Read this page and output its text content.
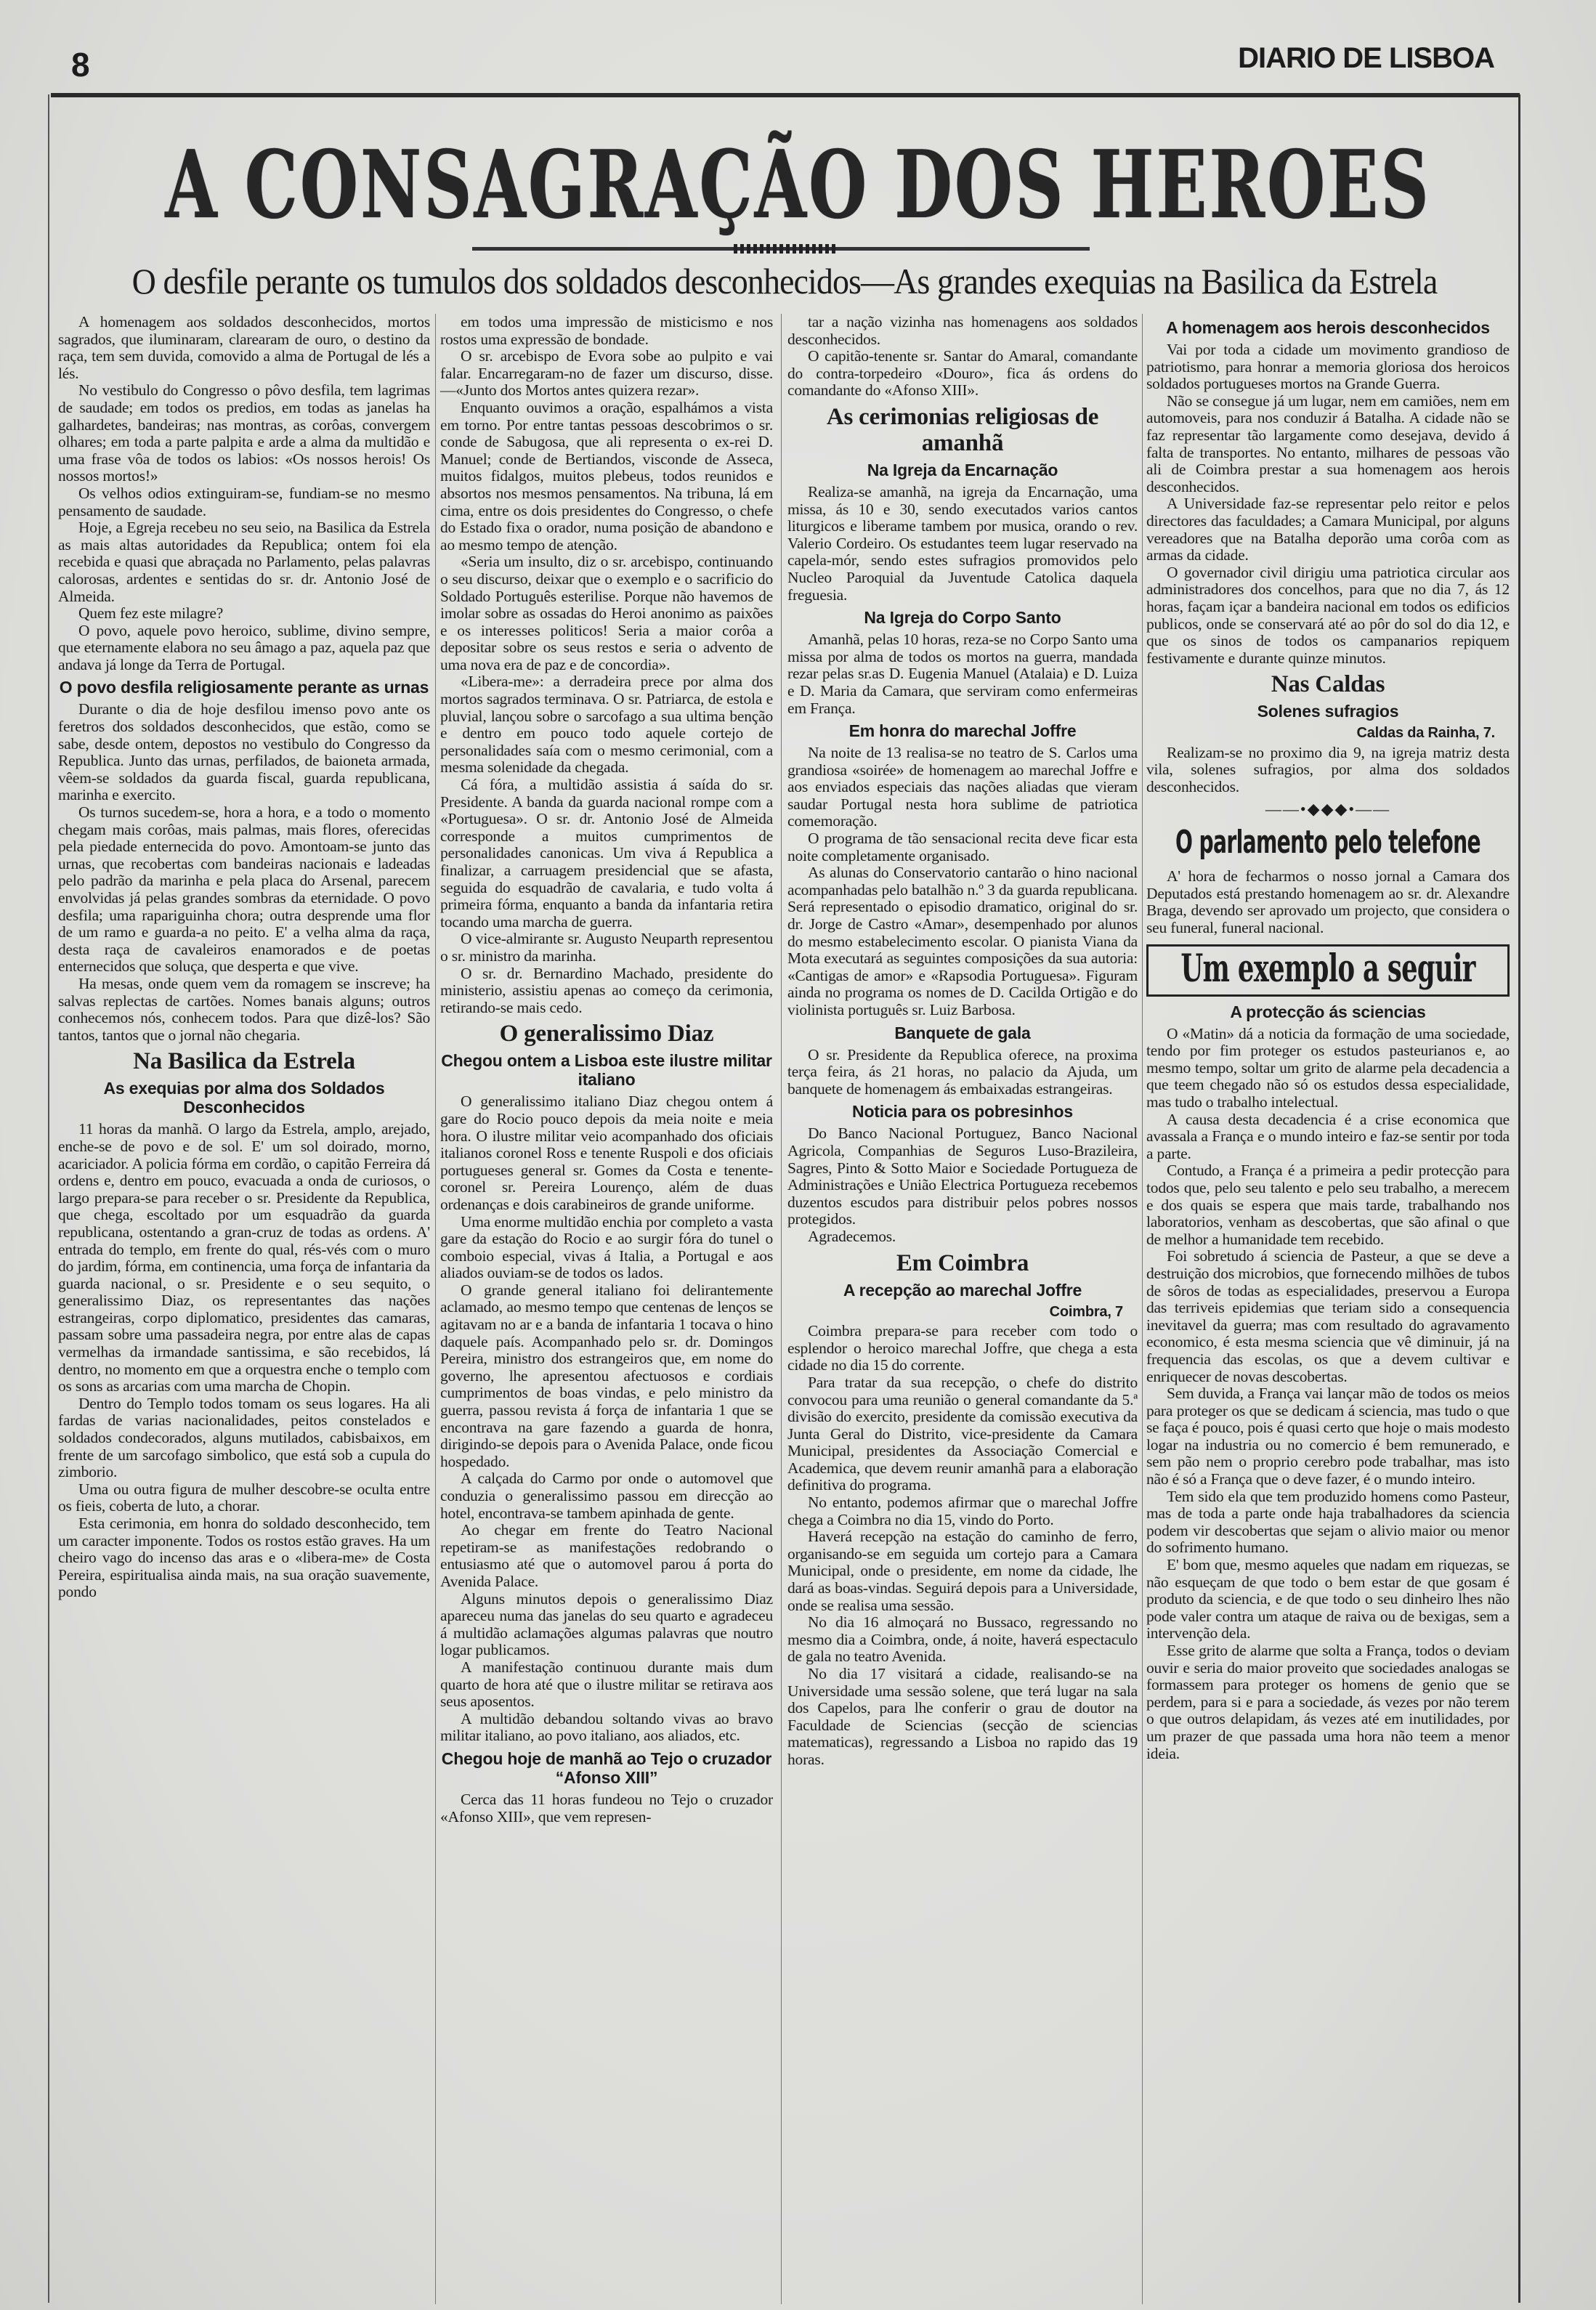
8	DIARIO DE LISBOA
A CONSAGRAÇÃO DOS HEROES
O desfile perante os tumulos dos soldados desconhecidos—As grandes exequias na Basilica da Estrela

A homenagem aos soldados desconhecidos, mortos sagrados, que iluminaram, clarearam de ouro, o destino da raça, tem sem duvida, comovido a alma de Portugal de lés a lés.

No vestibulo do Congresso o pôvo desfila, tem lagrimas de saudade; em todos os predios, em todas as janelas ha galhardetes, bandeiras; nas montras, as corôas, convergem olhares; em toda a parte palpita e arde a alma da multidão e uma frase vôa de todos os labios: «Os nossos herois! Os nossos mortos!»

Os velhos odios extinguiram-se, fundiam-se no mesmo pensamento de saudade.

Hoje, a Egreja recebeu no seu seio, na Basilica da Estrela as mais altas autoridades da Republica; ontem foi ela recebida e quasi que abraçada no Parlamento, pelas palavras calorosas, ardentes e sentidas do sr. dr. Antonio José de Almeida.

Quem fez este milagre?

O povo, aquele povo heroico, sublime, divino sempre, que eternamente elabora no seu âmago a paz, aquela paz que andava já longe da Terra de Portugal.

O povo desfila religiosamente perante as urnas

Durante o dia de hoje desfilou imenso povo ante os feretros dos soldados desconhecidos, que estão, como se sabe, desde ontem, depostos no vestibulo do Congresso da Republica. Junto das urnas, perfilados, de baioneta armada, vêem-se soldados da guarda fiscal, guarda republicana, marinha e exercito.

Os turnos sucedem-se, hora a hora, e a todo o momento chegam mais corôas, mais palmas, mais flores, oferecidas pela piedade enternecida do povo. Amontoam-se junto das urnas, que recobertas com bandeiras nacionais e ladeadas pelo padrão da marinha e pela placa do Arsenal, parecem envolvidas já pelas grandes sombras da eternidade. O povo desfila; uma rapariguinha chora; outra desprende uma flor de um ramo e guarda-a no peito. E' a velha alma da raça, desta raça de cavaleiros enamorados e de poetas enternecidos que soluça, que desperta e que vive.

Ha mesas, onde quem vem da romagem se inscreve; ha salvas replectas de cartões. Nomes banais alguns; outros conhecemos nós, conhecem todos. Para que dizê-los? São tantos, tantos que o jornal não chegaria.

Na Basilica da Estrela
As exequias por alma dos Soldados Desconhecidos

11 horas da manhã. O largo da Estrela, amplo, arejado, enche-se de povo e de sol. E' um sol doirado, morno, acariciador. A policia fórma em cordão, o capitão Ferreira dá ordens e, dentro em pouco, evacuada a onda de curiosos, o largo prepara-se para receber o sr. Presidente da Republica, que chega, escoltado por um esquadrão da guarda republicana, ostentando a gran-cruz de todas as ordens. A' entrada do templo, em frente do qual, rés-vés com o muro do jardim, fórma, em continencia, uma força de infantaria da guarda nacional, o sr. Presidente e o seu sequito, o generalissimo Diaz, os representantes das nações estrangeiras, corpo diplomatico, presidentes das camaras, passam sobre uma passadeira negra, por entre alas de capas vermelhas da irmandade santissima, e são recebidos, lá dentro, no momento em que a orquestra enche o templo com os sons as arcarias com uma marcha de Chopin.

Dentro do Templo todos tomam os seus logares. Ha ali fardas de varias nacionalidades, peitos constelados e soldados condecorados, alguns mutilados, cabisbaixos, em frente de um sarcofago simbolico, que está sob a cupula do zimborio.

Uma ou outra figura de mulher descobre-se oculta entre os fieis, coberta de luto, a chorar.

Esta cerimonia, em honra do soldado desconhecido, tem um caracter imponente. Todos os rostos estão graves. Ha um cheiro vago do incenso das aras e o «libera-me» de Costa Pereira, espiritualisa ainda mais, na sua oração suavemente, pondo

em todos uma impressão de misticismo e nos rostos uma expressão de bondade.

O sr. arcebispo de Evora sobe ao pulpito e vai falar. Encarregaram-no de fazer um discurso, disse.—«Junto dos Mortos antes quizera rezar».

Enquanto ouvimos a oração, espalhámos a vista em torno. Por entre tantas pessoas descobrimos o sr. conde de Sabugosa, que ali representa o ex-rei D. Manuel; conde de Bertiandos, visconde de Asseca, muitos fidalgos, muitos plebeus, todos reunidos e absortos nos mesmos pensamentos. Na tribuna, lá em cima, entre os dois presidentes do Congresso, o chefe do Estado fixa o orador, numa posição de abandono e ao mesmo tempo de atenção.

«Seria um insulto, diz o sr. arcebispo, continuando o seu discurso, deixar que o exemplo e o sacrificio do Soldado Português esterilise. Porque não havemos de imolar sobre as ossadas do Heroi anonimo as paixões e os interesses politicos! Seria a maior corôa a depositar sobre os seus restos e seria o advento de uma nova era de paz e de concordia».

«Libera-me»: a derradeira prece por alma dos mortos sagrados terminava. O sr. Patriarca, de estola e pluvial, lançou sobre o sarcofago a sua ultima benção e dentro em pouco todo aquele cortejo de personalidades saía com o mesmo cerimonial, com a mesma solenidade da chegada.

Cá fóra, a multidão assistia á saída do sr. Presidente. A banda da guarda nacional rompe com a «Portuguesa». O sr. dr. Antonio José de Almeida corresponde a muitos cumprimentos de personalidades canonicas. Um viva á Republica a finalizar, a carruagem presidencial que se afasta, seguida do esquadrão de cavalaria, e tudo volta á primeira fórma, enquanto a banda da infantaria retira tocando uma marcha de guerra.

O vice-almirante sr. Augusto Neuparth representou o sr. ministro da marinha.

O sr. dr. Bernardino Machado, presidente do ministerio, assistiu apenas ao começo da cerimonia, retirando-se mais cedo.

O generalissimo Diaz
Chegou ontem a Lisboa este ilustre militar italiano

O generalissimo italiano Diaz chegou ontem á gare do Rocio pouco depois da meia noite e meia hora. O ilustre militar veio acompanhado dos oficiais italianos coronel Ross e tenente Ruspoli e dos oficiais portugueses general sr. Gomes da Costa e tenente-coronel sr. Pereira Lourenço, além de duas ordenanças e dois carabineiros de grande uniforme.

Uma enorme multidão enchia por completo a vasta gare da estação do Rocio e ao surgir fóra do tunel o comboio especial, vivas á Italia, a Portugal e aos aliados ouviam-se de todos os lados.

O grande general italiano foi delirantemente aclamado, ao mesmo tempo que centenas de lenços se agitavam no ar e a banda de infantaria 1 tocava o hino daquele país. Acompanhado pelo sr. dr. Domingos Pereira, ministro dos estrangeiros que, em nome do governo, lhe apresentou afectuosos e cordiais cumprimentos de boas vindas, e pelo ministro da guerra, passou revista á força de infantaria 1 que se encontrava na gare fazendo a guarda de honra, dirigindo-se depois para o Avenida Palace, onde ficou hospedado.

A calçada do Carmo por onde o automovel que conduzia o generalissimo passou em direcção ao hotel, encontrava-se tambem apinhada de gente.

Ao chegar em frente do Teatro Nacional repetiram-se as manifestações redobrando o entusiasmo até que o automovel parou á porta do Avenida Palace.

Alguns minutos depois o generalissimo Diaz apareceu numa das janelas do seu quarto e agradeceu á multidão aclamações algumas palavras que noutro logar publicamos.

A manifestação continuou durante mais dum quarto de hora até que o ilustre militar se retirava aos seus aposentos.

A multidão debandou soltando vivas ao bravo militar italiano, ao povo italiano, aos aliados, etc.

Chegou hoje de manhã ao Tejo o cruzador “Afonso XIII”

Cerca das 11 horas fundeou no Tejo o cruzador «Afonso XIII», que vem represen-

tar a nação vizinha nas homenagens aos soldados desconhecidos.

O capitão-tenente sr. Santar do Amaral, comandante do contra-torpedeiro «Douro», fica ás ordens do comandante do «Afonso XIII».

As cerimonias religiosas de amanhã
Na Igreja da Encarnação

Realiza-se amanhã, na igreja da Encarnação, uma missa, ás 10 e 30, sendo executados varios cantos liturgicos e liberame tambem por musica, orando o rev. Valerio Cordeiro. Os estudantes teem lugar reservado na capela-mór, sendo estes sufragios promovidos pelo Nucleo Paroquial da Juventude Catolica daquela freguesia.

Na Igreja do Corpo Santo

Amanhã, pelas 10 horas, reza-se no Corpo Santo uma missa por alma de todos os mortos na guerra, mandada rezar pelas sr.as D. Eugenia Manuel (Atalaia) e D. Luiza e D. Maria da Camara, que serviram como enfermeiras em França.

Em honra do marechal Joffre

Na noite de 13 realisa-se no teatro de S. Carlos uma grandiosa «soirée» de homenagem ao marechal Joffre e aos enviados especiais das nações aliadas que vieram saudar Portugal nesta hora sublime de patriotica comemoração.

O programa de tão sensacional recita deve ficar esta noite completamente organisado.

As alunas do Conservatorio cantarão o hino nacional acompanhadas pelo batalhão n.º 3 da guarda republicana. Será representado o episodio dramatico, original do sr. dr. Jorge de Castro «Amar», desempenhado por alunos do mesmo estabelecimento escolar. O pianista Viana da Mota executará as seguintes composições da sua autoria: «Cantigas de amor» e «Rapsodia Portuguesa». Figuram ainda no programa os nomes de D. Cacilda Ortigão e do violinista português sr. Luiz Barbosa.

Banquete de gala

O sr. Presidente da Republica oferece, na proxima terça feira, ás 21 horas, no palacio da Ajuda, um banquete de homenagem ás embaixadas estrangeiras.

Noticia para os pobresinhos

Do Banco Nacional Portuguez, Banco Nacional Agricola, Companhias de Seguros Luso-Brazileira, Sagres, Pinto & Sotto Maior e Sociedade Portugueza de Administrações e União Electrica Portugueza recebemos duzentos escudos para distribuir pelos pobres nossos protegidos.

Agradecemos.

Em Coimbra
A recepção ao marechal Joffre
Coimbra, 7

Coimbra prepara-se para receber com todo o esplendor o heroico marechal Joffre, que chega a esta cidade no dia 15 do corrente.

Para tratar da sua recepção, o chefe do distrito convocou para uma reunião o general comandante da 5.ª divisão do exercito, presidente da comissão executiva da Junta Geral do Distrito, vice-presidente da Camara Municipal, presidentes da Associação Comercial e Academica, que devem reunir amanhã para a elaboração definitiva do programa.

No entanto, podemos afirmar que o marechal Joffre chega a Coimbra no dia 15, vindo do Porto.

Haverá recepção na estação do caminho de ferro, organisando-se em seguida um cortejo para a Camara Municipal, onde o presidente, em nome da cidade, lhe dará as boas-vindas. Seguirá depois para a Universidade, onde se realisa uma sessão.

No dia 16 almoçará no Bussaco, regressando no mesmo dia a Coimbra, onde, á noite, haverá espectaculo de gala no teatro Avenida.

No dia 17 visitará a cidade, realisando-se na Universidade uma sessão solene, que terá lugar na sala dos Capelos, para lhe conferir o grau de doutor na Faculdade de Sciencias (secção de sciencias matematicas), regressando a Lisboa no rapido das 19 horas.

A homenagem aos herois desconhecidos

Vai por toda a cidade um movimento grandioso de patriotismo, para honrar a memoria gloriosa dos heroicos soldados portugueses mortos na Grande Guerra.

Não se consegue já um lugar, nem em camiões, nem em automoveis, para nos conduzir á Batalha. A cidade não se faz representar tão largamente como desejava, devido á falta de transportes. No entanto, milhares de pessoas vão ali de Coimbra prestar a sua homenagem aos herois desconhecidos.

A Universidade faz-se representar pelo reitor e pelos directores das faculdades; a Camara Municipal, por alguns vereadores que na Batalha deporão uma corôa com as armas da cidade.

O governador civil dirigiu uma patriotica circular aos administradores dos concelhos, para que no dia 7, ás 12 horas, façam içar a bandeira nacional em todos os edificios publicos, onde se conservará até ao pôr do sol do dia 12, e que os sinos de todos os campanarios repiquem festivamente e durante quinze minutos.

Nas Caldas
Solenes sufragios
Caldas da Rainha, 7.

Realizam-se no proximo dia 9, na igreja matriz desta vila, solenes sufragios, por alma dos soldados desconhecidos.

——•◆◆◆•——
O parlamento pelo telefone

A' hora de fecharmos o nosso jornal a Camara dos Deputados está prestando homenagem ao sr. dr. Alexandre Braga, devendo ser aprovado um projecto, que considera o seu funeral, funeral nacional.

Um exemplo a seguir
A protecção ás sciencias

O «Matin» dá a noticia da formação de uma sociedade, tendo por fim proteger os estudos pasteurianos e, ao mesmo tempo, soltar um grito de alarme pela decadencia a que teem chegado não só os estudos dessa especialidade, mas tudo o trabalho intelectual.

A causa desta decadencia é a crise economica que avassala a França e o mundo inteiro e faz-se sentir por toda a parte.

Contudo, a França é a primeira a pedir protecção para todos que, pelo seu talento e pelo seu trabalho, a merecem e dos quais se espera que mais tarde, trabalhando nos laboratorios, venham as descobertas, que são afinal o que de melhor a humanidade tem recebido.

Foi sobretudo á sciencia de Pasteur, a que se deve a destruição dos microbios, que fornecendo milhões de tubos de sôros de todas as especialidades, preservou a Europa das terriveis epidemias que teriam sido a consequencia inevitavel da guerra; mas com resultado do agravamento economico, é esta mesma sciencia que vê diminuir, já na frequencia das escolas, os que a devem cultivar e enriquecer de novas descobertas.

Sem duvida, a França vai lançar mão de todos os meios para proteger os que se dedicam á sciencia, mas tudo o que se faça é pouco, pois é quasi certo que hoje o mais modesto logar na industria ou no comercio é bem remunerado, e sem pão nem o proprio cerebro pode trabalhar, mas isto não é só a França que o deve fazer, é o mundo inteiro.

Tem sido ela que tem produzido homens como Pasteur, mas de toda a parte onde haja trabalhadores da sciencia podem vir descobertas que sejam o alivio maior ou menor do sofrimento humano.

E' bom que, mesmo aqueles que nadam em riquezas, se não esqueçam de que todo o bem estar de que gosam é produto da sciencia, e de que todo o seu dinheiro lhes não pode valer contra um ataque de raiva ou de bexigas, sem a intervenção dela.

Esse grito de alarme que solta a França, todos o deviam ouvir e seria do maior proveito que sociedades analogas se formassem para proteger os homens de genio que se perdem, para si e para a sociedade, ás vezes por não terem o que outros delapidam, ás vezes até em inutilidades, por um prazer de que passada uma hora não teem a menor ideia.
